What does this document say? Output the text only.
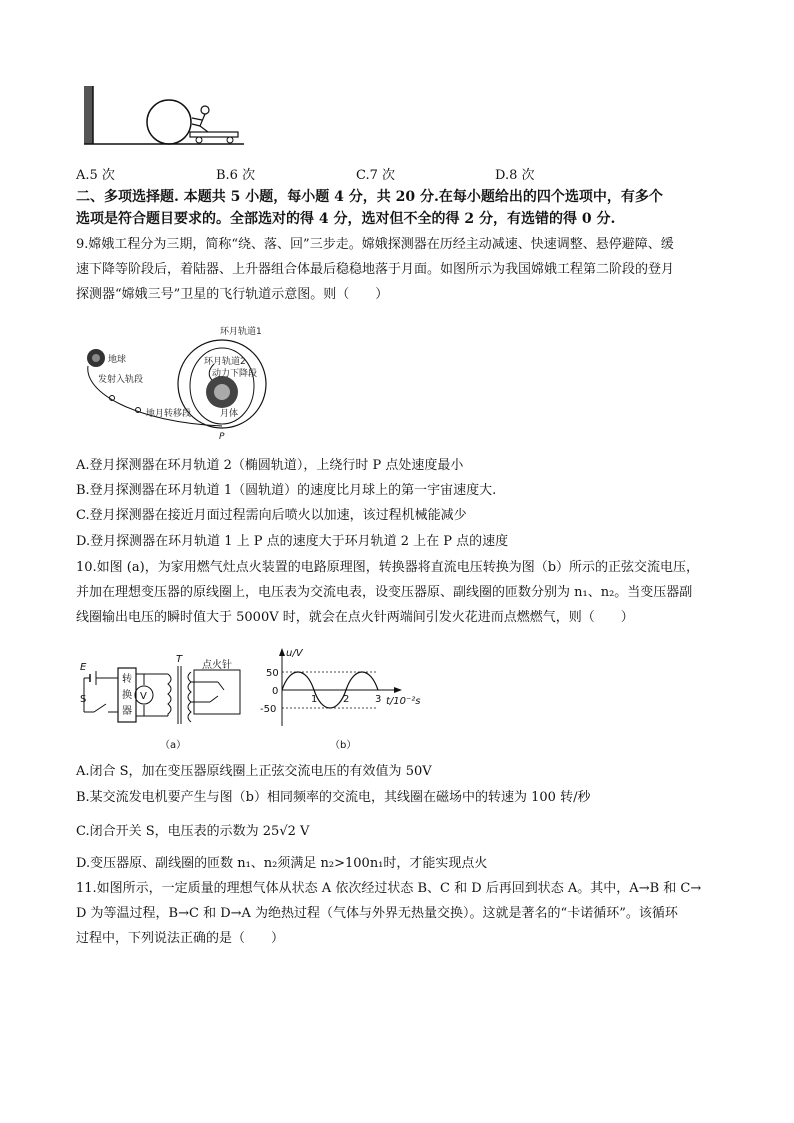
A.5 次	B.6 次	C.7 次	D.8 次
二、多项选择题. 本题共 5 小题，每小题 4 分，共 20 分.在每小题给出的四个选项中，有多个
选项是符合题目要求的。全部选对的得 4 分，选对但不全的得 2 分，有选错的得 0 分.
9.嫦娥工程分为三期，简称“绕、落、回”三步走。嫦娥探测器在历经主动减速、快速调整、悬停避障、缓
速下降等阶段后，着陆器、上升器组合体最后稳稳地落于月面。如图所示为我国嫦娥工程第二阶段的登月
探测器“嫦娥三号”卫星的飞行轨道示意图。则（　　）
地球
发射入轨段
地月转移段
环月轨道1
环月轨道2
动力下降段
月体
P
A.登月探测器在环月轨道 2（椭圆轨道），上绕行时 P 点处速度最小
B.登月探测器在环月轨道 1（圆轨道）的速度比月球上的第一宇宙速度大.
C.登月探测器在接近月面过程需向后喷火以加速，该过程机械能减少
D.登月探测器在环月轨道 1 上 P 点的速度大于环月轨道 2 上在 P 点的速度
10.如图 (a)，为家用燃气灶点火装置的电路原理图，转换器将直流电压转换为图（b）所示的正弦交流电压，
并加在理想变压器的原线圈上，电压表为交流电表，设变压器原、副线圈的匝数分别为 n₁、n₂。当变压器副
线圈输出电压的瞬时值大于 5000V 时，就会在点火针两端间引发火花进而点燃燃气，则（　　）
转
换
器
V
T
点火针
E
S
（a）
u/V
t/10⁻²s
50
0
-50
1	2	3
（b）
A.闭合 S，加在变压器原线圈上正弦交流电压的有效值为 50V
B.某交流发电机要产生与图（b）相同频率的交流电，其线圈在磁场中的转速为 100 转/秒
C.闭合开关 S，电压表的示数为 25√2 V
D.变压器原、副线圈的匝数 n₁、n₂须满足 n₂>100n₁时，才能实现点火
11.如图所示，一定质量的理想气体从状态 A 依次经过状态 B、C 和 D 后再回到状态 A。其中，A→B 和 C→
D 为等温过程，B→C 和 D→A 为绝热过程（气体与外界无热量交换）。这就是著名的“卡诺循环”。该循环
过程中，下列说法正确的是（　　）
